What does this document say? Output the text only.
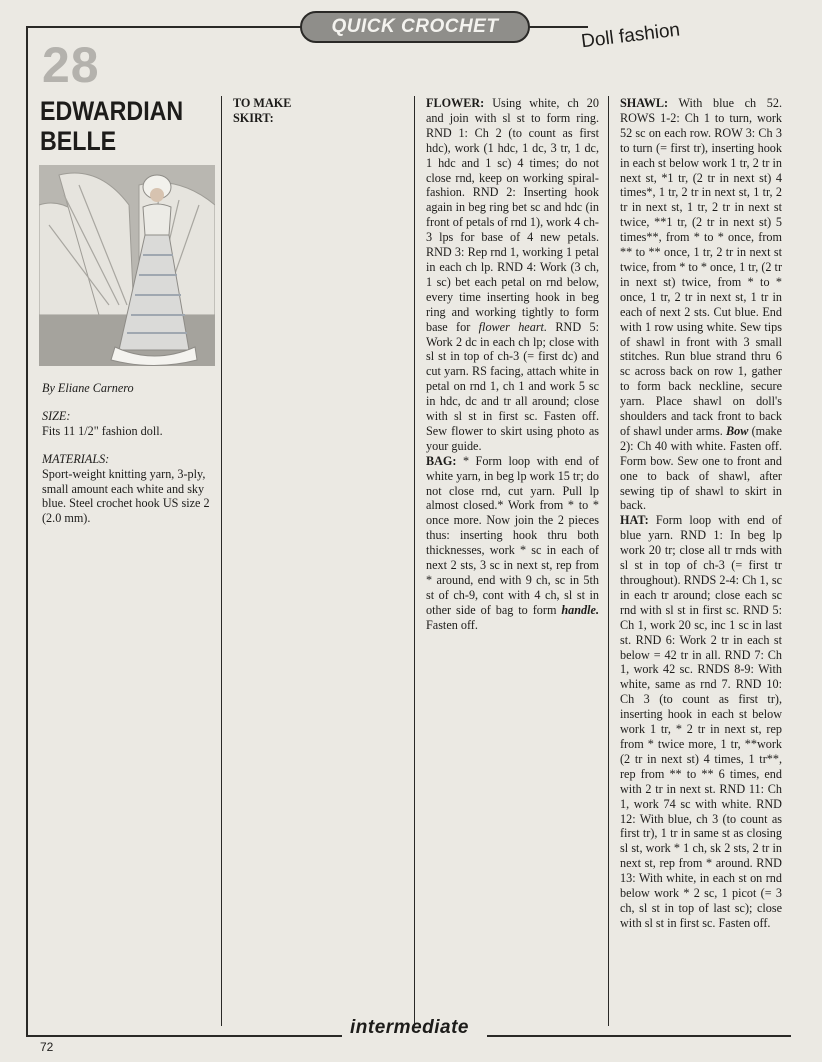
QUICK CROCHET	Doll fashion
28
EDWARDIAN
BELLE

By Eliane Carnero

SIZE:

Fits 11 1/2" fashion doll.

MATERIALS:

Sport-weight knitting yarn, 3-ply, small amount each white and sky blue. Steel crochet hook US size 2 (2.0 mm).

TO MAKE
SKIRT:
FLOWER: Using white, ch 20 and join with sl st to form ring. RND 1: Ch 2 (to count as first hdc), work (1 hdc, 1 dc, 3 tr, 1 dc, 1 hdc and 1 sc) 4 times; do not close rnd, keep on working spiral-fashion. RND 2: Inserting hook again in beg ring bet sc and hdc (in front of petals of rnd 1), work 4 ch-3 lps for base of 4 new petals. RND 3: Rep rnd 1, working 1 petal in each ch lp. RND 4: Work (3 ch, 1 sc) bet each petal on rnd below, every time inserting hook in beg ring and working tightly to form base for flower heart. RND 5: Work 2 dc in each ch lp; close with sl st in top of ch-3 (= first dc) and cut yarn. RS facing, attach white in petal on rnd 1, ch 1 and work 5 sc in hdc, dc and tr all around; close with sl st in first sc. Fasten off. Sew flower to skirt using photo as your guide.
BAG: * Form loop with end of white yarn, in beg lp work 15 tr; do not close rnd, cut yarn. Pull lp almost closed.* Work from * to * once more. Now join the 2 pieces thus: inserting hook thru both thicknesses, work * sc in each of next 2 sts, 3 sc in next st, rep from * around, end with 9 ch, sc in 5th st of ch-9, cont with 4 ch, sl st in other side of bag to form handle. Fasten off.
SHAWL: With blue ch 52. ROWS 1-2: Ch 1 to turn, work 52 sc on each row. ROW 3: Ch 3 to turn (= first tr), inserting hook in each st below work 1 tr, 2 tr in next st, *1 tr, (2 tr in next st) 4 times*, 1 tr, 2 tr in next st, 1 tr, 2 tr in next st, 1 tr, 2 tr in next st twice, **1 tr, (2 tr in next st) 5 times**, from * to * once, from ** to ** once, 1 tr, 2 tr in next st twice, from * to * once, 1 tr, (2 tr in next st) twice, from * to * once, 1 tr, 2 tr in next st, 1 tr in each of next 2 sts. Cut blue. End with 1 row using white. Sew tips of shawl in front with 3 small stitches. Run blue strand thru 6 sc across back on row 1, gather to form back neckline, secure yarn. Place shawl on doll's shoulders and tack front to back of shawl under arms. Bow (make 2): Ch 40 with white. Fasten off. Form bow. Sew one to front and one to back of shawl, after sewing tip of shawl to skirt in back.
HAT: Form loop with end of blue yarn. RND 1: In beg lp work 20 tr; close all tr rnds with sl st in top of ch-3 (= first tr throughout). RNDS 2-4: Ch 1, sc in each tr around; close each sc rnd with sl st in first sc. RND 5: Ch 1, work 20 sc, inc 1 sc in last st. RND 6: Work 2 tr in each st below = 42 tr in all. RND 7: Ch 1, work 42 sc. RNDS 8-9: With white, same as rnd 7. RND 10: Ch 3 (to count as first tr), inserting hook in each st below work 1 tr, * 2 tr in next st, rep from * twice more, 1 tr, **work (2 tr in next st) 4 times, 1 tr**, rep from ** to ** 6 times, end with 2 tr in next st. RND 11: Ch 1, work 74 sc with white. RND 12: With blue, ch 3 (to count as first tr), 1 tr in same st as closing sl st, work * 1 ch, sk 2 sts, 2 tr in next st, rep from * around. RND 13: With white, in each st on rnd below work * 2 sc, 1 picot (= 3 ch, sl st in top of last sc); close with sl st in first sc. Fasten off.
72
intermediate
